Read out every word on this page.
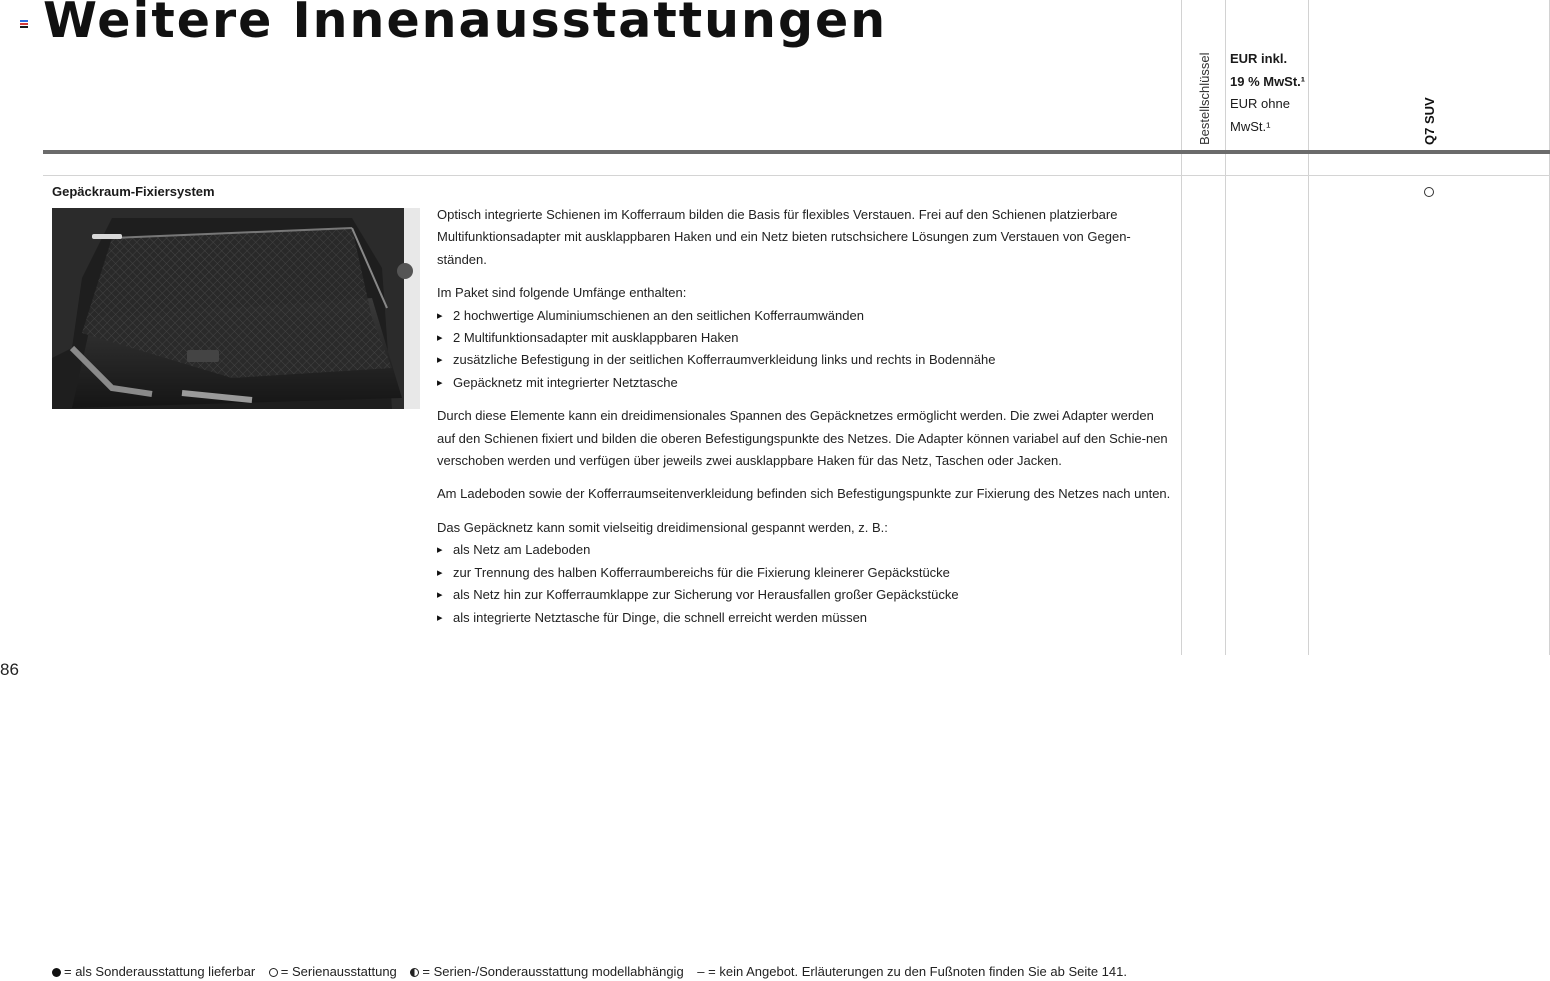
Weitere Innenausstattungen
Bestellschlüssel EUR inkl.
19 % MwSt.¹
EUR ohne
MwSt.¹	Q7 SUV
Gepäckraum-Fixiersystem

Optisch integrierte Schienen im Kofferraum bilden die Basis für flexibles Verstauen. Frei auf den Schienen platzierbare Multifunktionsadapter mit ausklappbaren Haken und ein Netz bieten rutschsichere Lösungen zum Verstauen von Gegen-ständen.

Im Paket sind folgende Umfänge enthalten:

▸ 2 hochwertige Aluminiumschienen an den seitlichen Kofferraumwänden
▸ 2 Multifunktionsadapter mit ausklappbaren Haken
▸ zusätzliche Befestigung in der seitlichen Kofferraumverkleidung links und rechts in Bodennähe
▸ Gepäcknetz mit integrierter Netztasche

Durch diese Elemente kann ein dreidimensionales Spannen des Gepäcknetzes ermöglicht werden. Die zwei Adapter werden auf den Schienen fixiert und bilden die oberen Befestigungspunkte des Netzes. Die Adapter können variabel auf den Schie-nen verschoben werden und verfügen über jeweils zwei ausklappbare Haken für das Netz, Taschen oder Jacken.

Am Ladeboden sowie der Kofferraumseitenverkleidung befinden sich Befestigungspunkte zur Fixierung des Netzes nach unten.

Das Gepäcknetz kann somit vielseitig dreidimensional gespannt werden, z. B.:

▸ als Netz am Ladeboden
▸ zur Trennung des halben Kofferraumbereichs für die Fixierung kleinerer Gepäckstücke
▸ als Netz hin zur Kofferraumklappe zur Sicherung vor Herausfallen großer Gepäckstücke
▸ als integrierte Netztasche für Dinge, die schnell erreicht werden müssen
86
= als Sonderausstattung lieferbar = Serienausstattung = Serien-/Sonderausstattung modellabhängig – = kein Angebot. Erläuterungen zu den Fußnoten finden Sie ab Seite 141.
